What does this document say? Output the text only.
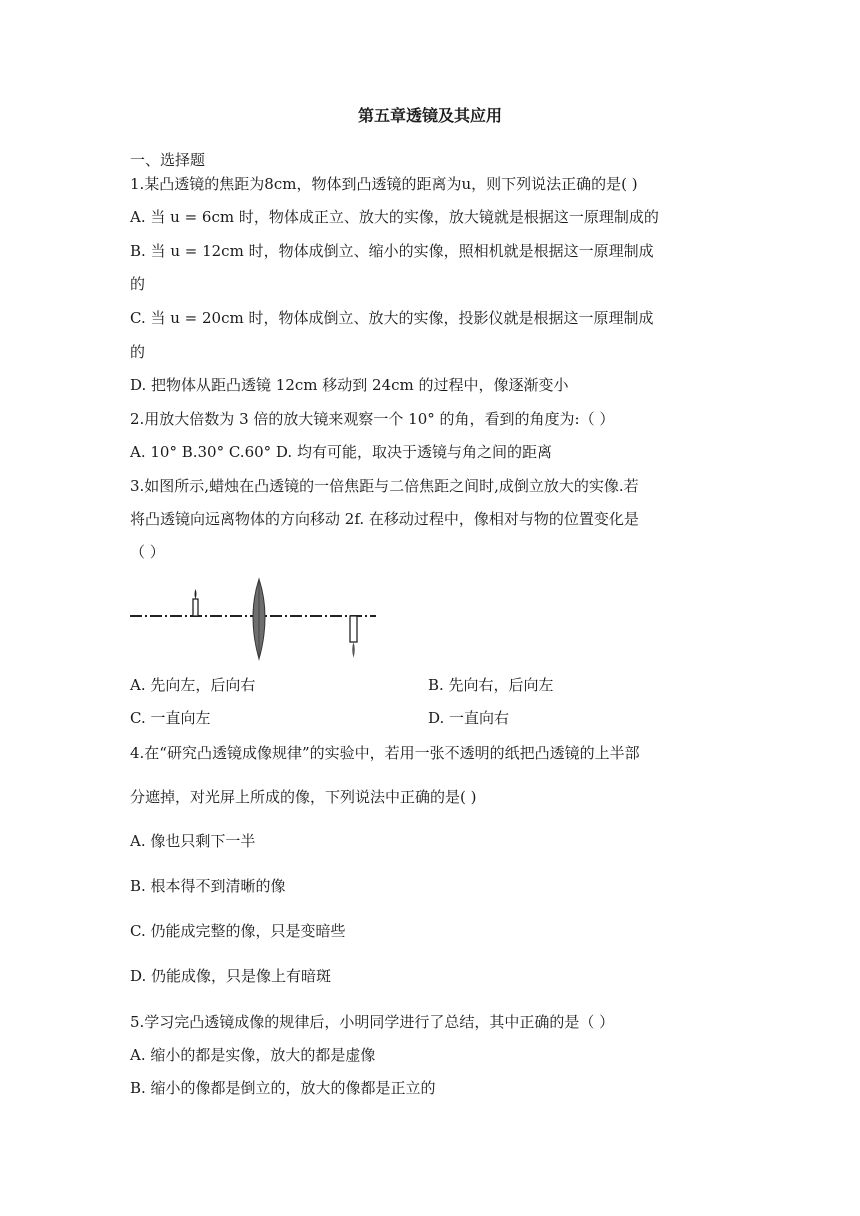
第五章透镜及其应用
一、选择题
1.某凸透镜的焦距为8cm，物体到凸透镜的距离为u，则下列说法正确的是( )
A. 当 u = 6cm 时，物体成正立、放大的实像，放大镜就是根据这一原理制成的
B. 当 u = 12cm 时，物体成倒立、缩小的实像，照相机就是根据这一原理制成
的
C. 当 u = 20cm 时，物体成倒立、放大的实像，投影仪就是根据这一原理制成
的
D. 把物体从距凸透镜 12cm 移动到 24cm 的过程中，像逐渐变小
2.用放大倍数为 3 倍的放大镜来观察一个 10° 的角，看到的角度为:（ ）
A. 10° B.30° C.60° D. 均有可能，取决于透镜与角之间的距离
3.如图所示,蜡烛在凸透镜的一倍焦距与二倍焦距之间时,成倒立放大的实像.若
将凸透镜向远离物体的方向移动 2f. 在移动过程中，像相对与物的位置变化是
（ ）
A. 先向左，后向右	B. 先向右，后向左
C. 一直向左	D. 一直向右
4.在“研究凸透镜成像规律”的实验中，若用一张不透明的纸把凸透镜的上半部
分遮掉，对光屏上所成的像，下列说法中正确的是( )
A. 像也只剩下一半
B. 根本得不到清晰的像
C. 仍能成完整的像，只是变暗些
D. 仍能成像，只是像上有暗斑
5.学习完凸透镜成像的规律后，小明同学进行了总结，其中正确的是（ ）
A. 缩小的都是实像，放大的都是虚像
B. 缩小的像都是倒立的，放大的像都是正立的
